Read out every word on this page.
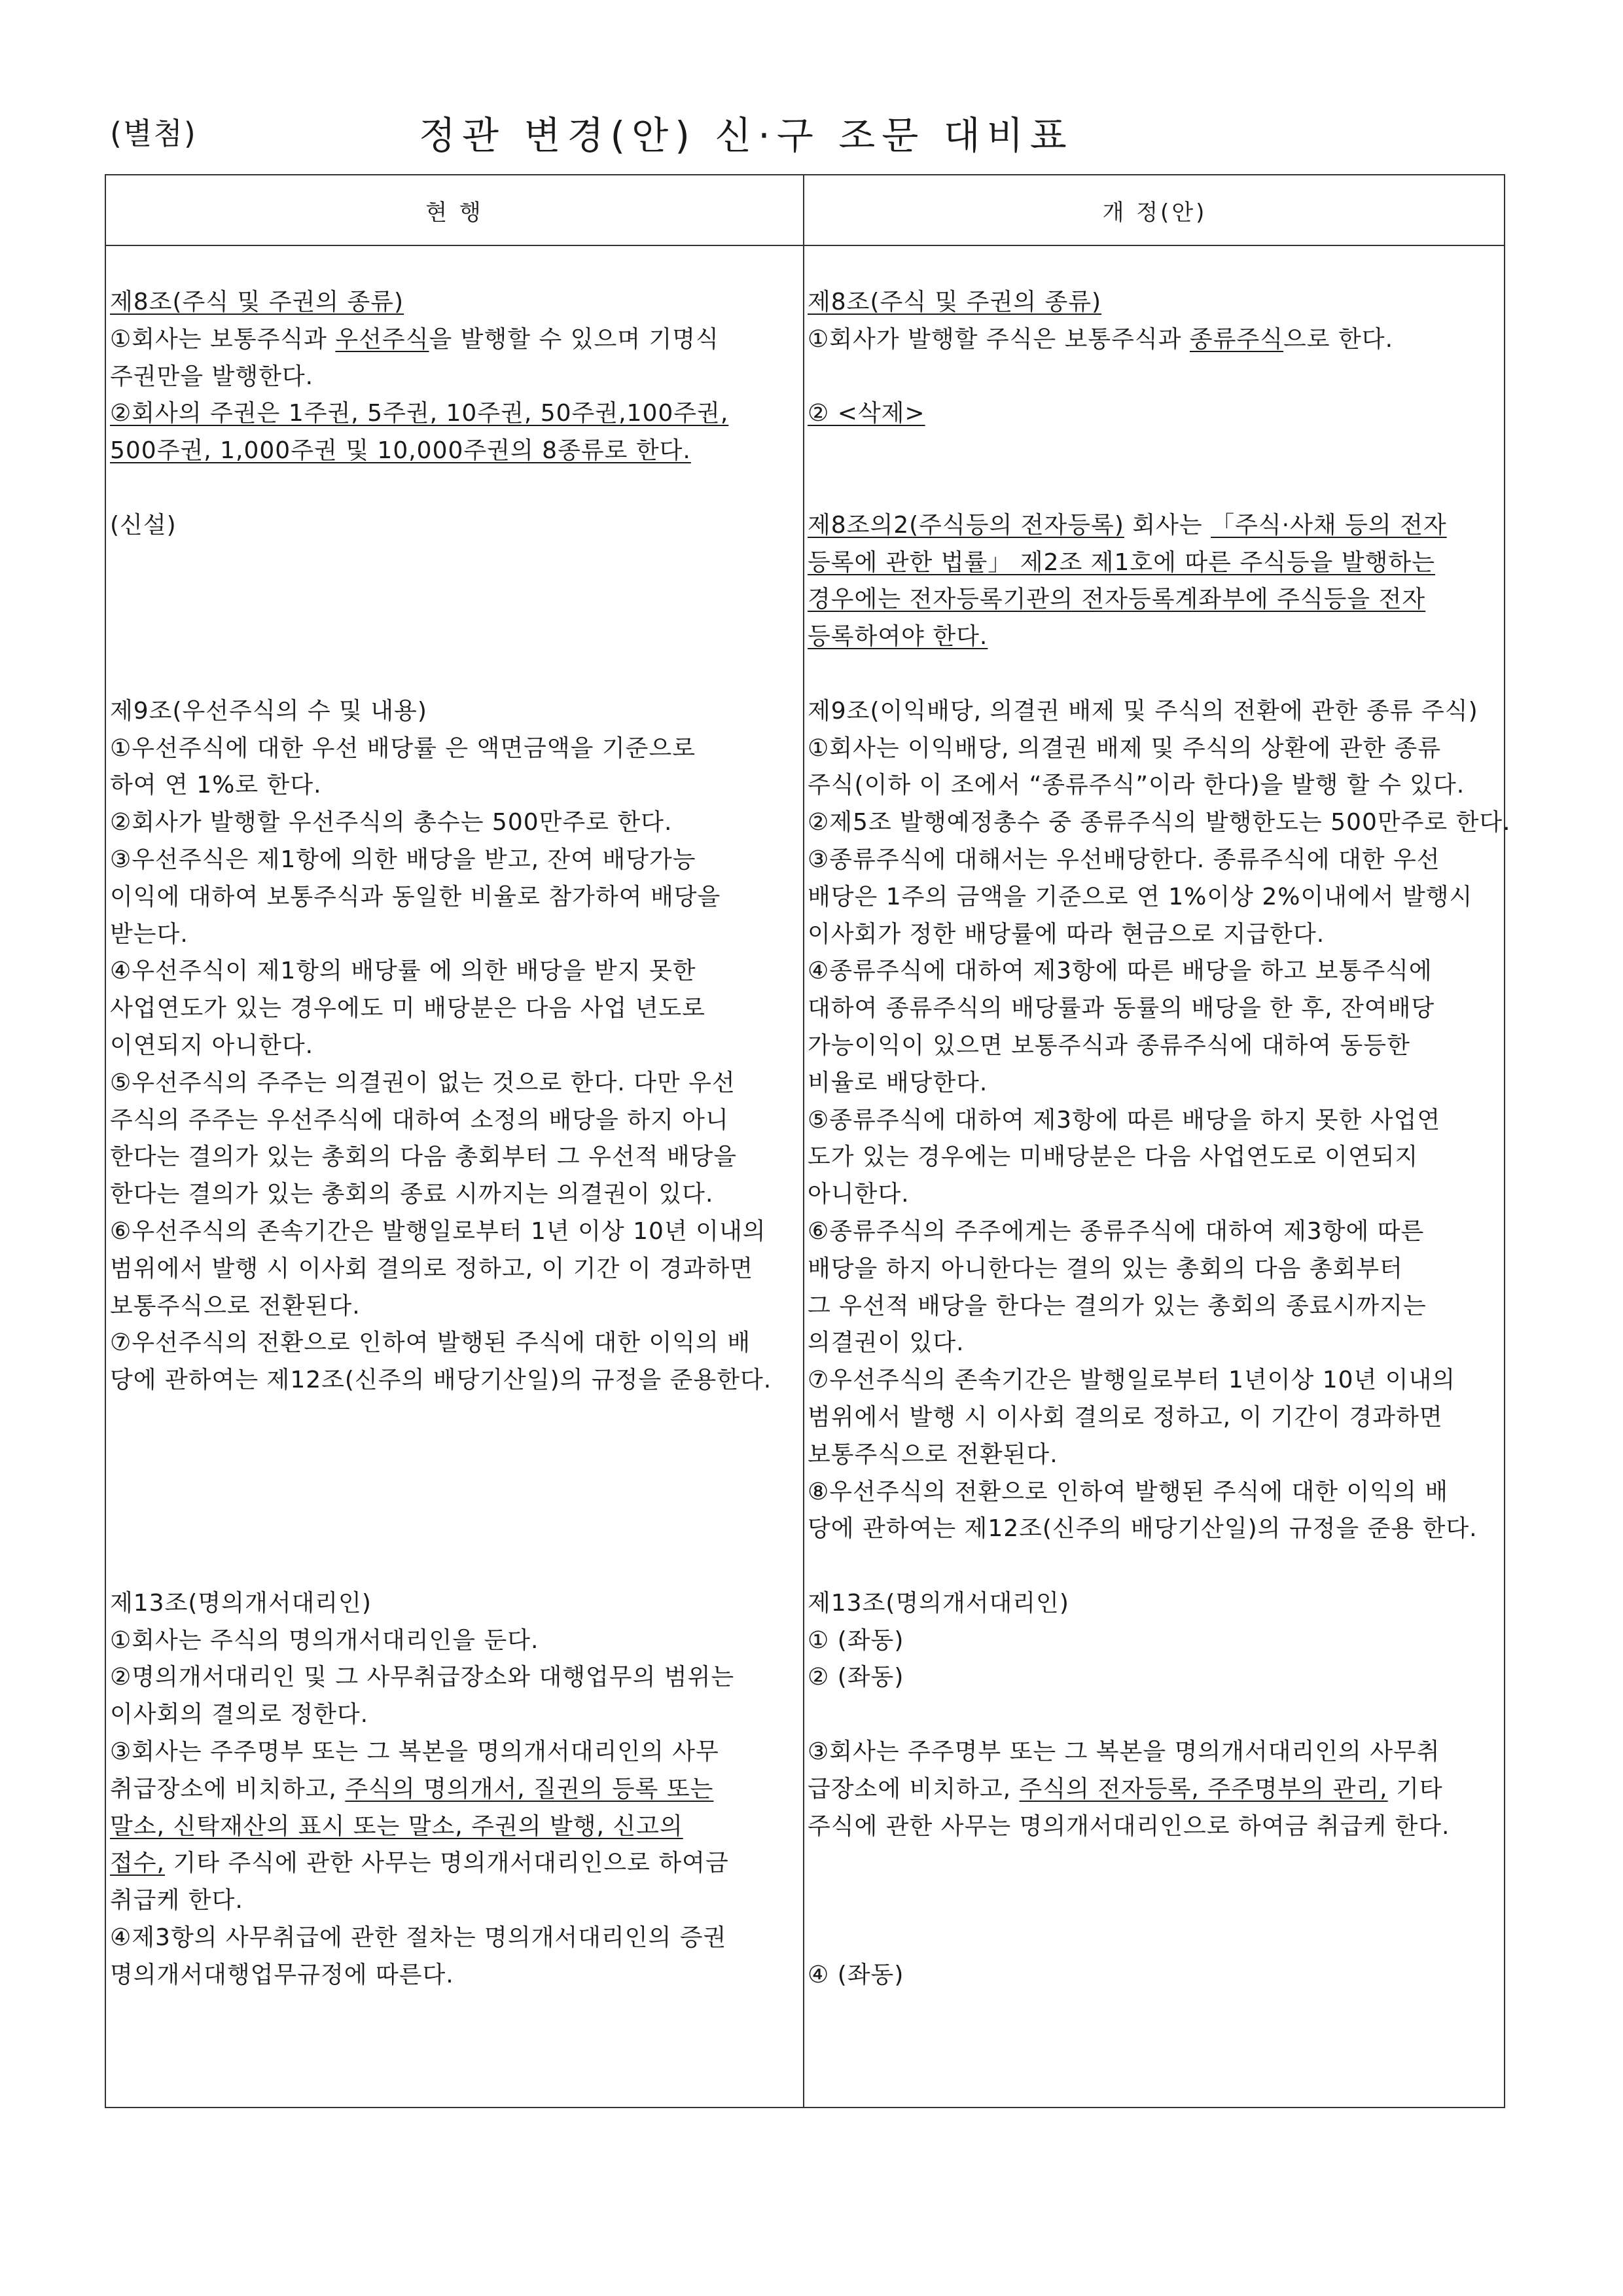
(별첨)	정관 변경(안) 신·구 조문 대비표
현 행	개 정(안)
제8조(주식 및 주권의 종류)
①회사는 보통주식과 우선주식을 발행할 수 있으며 기명식
주권만을 발행한다.
②회사의 주권은 1주권, 5주권, 10주권, 50주권,100주권,
500주권, 1,000주권 및 10,000주권의 8종류로 한다.
(신설)
제9조(우선주식의 수 및 내용)
①우선주식에 대한 우선 배당률 은 액면금액을 기준으로
하여 연 1%로 한다.
②회사가 발행할 우선주식의 총수는 500만주로 한다.
③우선주식은 제1항에 의한 배당을 받고, 잔여 배당가능
이익에 대하여 보통주식과 동일한 비율로 참가하여 배당을
받는다.
④우선주식이 제1항의 배당률 에 의한 배당을 받지 못한
사업연도가 있는 경우에도 미 배당분은 다음 사업 년도로
이연되지 아니한다.
⑤우선주식의 주주는 의결권이 없는 것으로 한다. 다만 우선
주식의 주주는 우선주식에 대하여 소정의 배당을 하지 아니
한다는 결의가 있는 총회의 다음 총회부터 그 우선적 배당을
한다는 결의가 있는 총회의 종료 시까지는 의결권이 있다.
⑥우선주식의 존속기간은 발행일로부터 1년 이상 10년 이내의
범위에서 발행 시 이사회 결의로 정하고, 이 기간 이 경과하면
보통주식으로 전환된다.
⑦우선주식의 전환으로 인하여 발행된 주식에 대한 이익의 배
당에 관하여는 제12조(신주의 배당기산일)의 규정을 준용한다.
제13조(명의개서대리인)
①회사는 주식의 명의개서대리인을 둔다.
②명의개서대리인 및 그 사무취급장소와 대행업무의 범위는
이사회의 결의로 정한다.
③회사는 주주명부 또는 그 복본을 명의개서대리인의 사무
취급장소에 비치하고, 주식의 명의개서, 질권의 등록 또는
말소, 신탁재산의 표시 또는 말소, 주권의 발행, 신고의
접수, 기타 주식에 관한 사무는 명의개서대리인으로 하여금
취급케 한다.
④제3항의 사무취급에 관한 절차는 명의개서대리인의 증권
명의개서대행업무규정에 따른다.
제8조(주식 및 주권의 종류)
①회사가 발행할 주식은 보통주식과 종류주식으로 한다.
② <삭제>
제8조의2(주식등의 전자등록) 회사는 「주식·사채 등의 전자
등록에 관한 법률」 제2조 제1호에 따른 주식등을 발행하는
경우에는 전자등록기관의 전자등록계좌부에 주식등을 전자
등록하여야 한다.
제9조(이익배당, 의결권 배제 및 주식의 전환에 관한 종류 주식)
①회사는 이익배당, 의결권 배제 및 주식의 상환에 관한 종류
주식(이하 이 조에서 “종류주식”이라 한다)을 발행 할 수 있다.
②제5조 발행예정총수 중 종류주식의 발행한도는 500만주로 한다.
③종류주식에 대해서는 우선배당한다. 종류주식에 대한 우선
배당은 1주의 금액을 기준으로 연 1%이상 2%이내에서 발행시
이사회가 정한 배당률에 따라 현금으로 지급한다.
④종류주식에 대하여 제3항에 따른 배당을 하고 보통주식에
대하여 종류주식의 배당률과 동률의 배당을 한 후, 잔여배당
가능이익이 있으면 보통주식과 종류주식에 대하여 동등한
비율로 배당한다.
⑤종류주식에 대하여 제3항에 따른 배당을 하지 못한 사업연
도가 있는 경우에는 미배당분은 다음 사업연도로 이연되지
아니한다.
⑥종류주식의 주주에게는 종류주식에 대하여 제3항에 따른
배당을 하지 아니한다는 결의 있는 총회의 다음 총회부터
그 우선적 배당을 한다는 결의가 있는 총회의 종료시까지는
의결권이 있다.
⑦우선주식의 존속기간은 발행일로부터 1년이상 10년 이내의
범위에서 발행 시 이사회 결의로 정하고, 이 기간이 경과하면
보통주식으로 전환된다.
⑧우선주식의 전환으로 인하여 발행된 주식에 대한 이익의 배
당에 관하여는 제12조(신주의 배당기산일)의 규정을 준용 한다.
제13조(명의개서대리인)
① (좌동)
② (좌동)
③회사는 주주명부 또는 그 복본을 명의개서대리인의 사무취
급장소에 비치하고, 주식의 전자등록, 주주명부의 관리, 기타
주식에 관한 사무는 명의개서대리인으로 하여금 취급케 한다.
④ (좌동)
